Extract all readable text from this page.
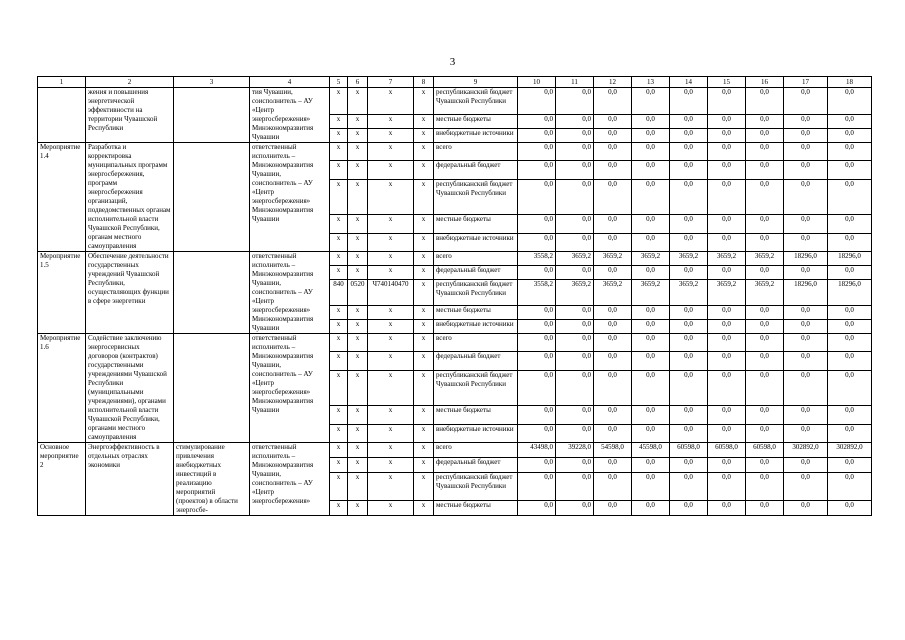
3
1	2	3	4	5	6	7	8	9	10	11	12	13	14	15	16	17	18
	жения и повышения энергетической эффективности на территории Чувашской Республики		тия Чувашии, соисполнитель – АУ «Центр энергосбережения» Минэкономразвития Чувашии	x	x	x	x	республиканский бюджет Чувашской Республики	0,0	0,0	0,0	0,0	0,0	0,0	0,0	0,0	0,0
				x	x	x	x	местные бюджеты	0,0	0,0	0,0	0,0	0,0	0,0	0,0	0,0	0,0
				x	x	x	x	внебюджетные источники	0,0	0,0	0,0	0,0	0,0	0,0	0,0	0,0	0,0
Мероприятие 1.4	Разработка и корректировка муниципальных программ энергосбережения, программ энергосбережения организаций, подведомственных органам исполнительной власти Чувашской Республики, органам местного самоуправления		ответственный исполнитель – Минэкономразвития Чувашии, соисполнитель – АУ «Центр энергосбережения» Минэкономразвития Чувашии	x	x	x	x	всего	0,0	0,0	0,0	0,0	0,0	0,0	0,0	0,0	0,0
				x	x	x	x	федеральный бюджет	0,0	0,0	0,0	0,0	0,0	0,0	0,0	0,0	0,0
				x	x	x	x	республиканский бюджет Чувашской Республики	0,0	0,0	0,0	0,0	0,0	0,0	0,0	0,0	0,0
				x	x	x	x	местные бюджеты	0,0	0,0	0,0	0,0	0,0	0,0	0,0	0,0	0,0
				x	x	x	x	внебюджетные источники	0,0	0,0	0,0	0,0	0,0	0,0	0,0	0,0	0,0
Мероприятие 1.5	Обеспечение деятельности государственных учреждений Чувашской Республики, осуществляющих функции в сфере энергетики		ответственный исполнитель – Минэкономразвития Чувашии, соисполнитель – АУ «Центр энергосбережения» Минэкономразвития Чувашии	x	x	x	x	всего	3558,2	3659,2	3659,2	3659,2	3659,2	3659,2	3659,2	18296,0	18296,0
				x	x	x	x	федеральный бюджет	0,0	0,0	0,0	0,0	0,0	0,0	0,0	0,0	0,0
				840	0520	Ч740140470	x	республиканский бюджет Чувашской Республики	3558,2	3659,2	3659,2	3659,2	3659,2	3659,2	3659,2	18296,0	18296,0
				x	x	x	x	местные бюджеты	0,0	0,0	0,0	0,0	0,0	0,0	0,0	0,0	0,0
				x	x	x	x	внебюджетные источники	0,0	0,0	0,0	0,0	0,0	0,0	0,0	0,0	0,0
Мероприятие 1.6	Содействие заключению энергосервисных договоров (контрактов) государственными учреждениями Чувашской Республики (муниципальными учреждениями), органами исполнительной власти Чувашской Республики, органами местного самоуправления		ответственный исполнитель – Минэкономразвития Чувашии, соисполнитель – АУ «Центр энергосбережения» Минэкономразвития Чувашии	x	x	x	x	всего	0,0	0,0	0,0	0,0	0,0	0,0	0,0	0,0	0,0
				x	x	x	x	федеральный бюджет	0,0	0,0	0,0	0,0	0,0	0,0	0,0	0,0	0,0
				x	x	x	x	республиканский бюджет Чувашской Республики	0,0	0,0	0,0	0,0	0,0	0,0	0,0	0,0	0,0
				x	x	x	x	местные бюджеты	0,0	0,0	0,0	0,0	0,0	0,0	0,0	0,0	0,0
				x	x	x	x	внебюджетные источники	0,0	0,0	0,0	0,0	0,0	0,0	0,0	0,0	0,0
Основное мероприятие 2	Энергоэффективность в отдельных отраслях экономики	стимулирование привлечения внебюджетных инвестиций в реализацию мероприятий (проектов) в области энергосбе-	ответственный исполнитель – Минэкономразвития Чувашии, соисполнитель – АУ «Центр энергосбережения»	x	x	x	x	всего	43498,0	39228,0	54598,0	45598,0	60598,0	60598,0	60598,0	302892,0	302892,0
				x	x	x	x	федеральный бюджет	0,0	0,0	0,0	0,0	0,0	0,0	0,0	0,0	0,0
				x	x	x	x	республиканский бюджет Чувашской Республики	0,0	0,0	0,0	0,0	0,0	0,0	0,0	0,0	0,0
				x	x	x	x	местные бюджеты	0,0	0,0	0,0	0,0	0,0	0,0	0,0	0,0	0,0
